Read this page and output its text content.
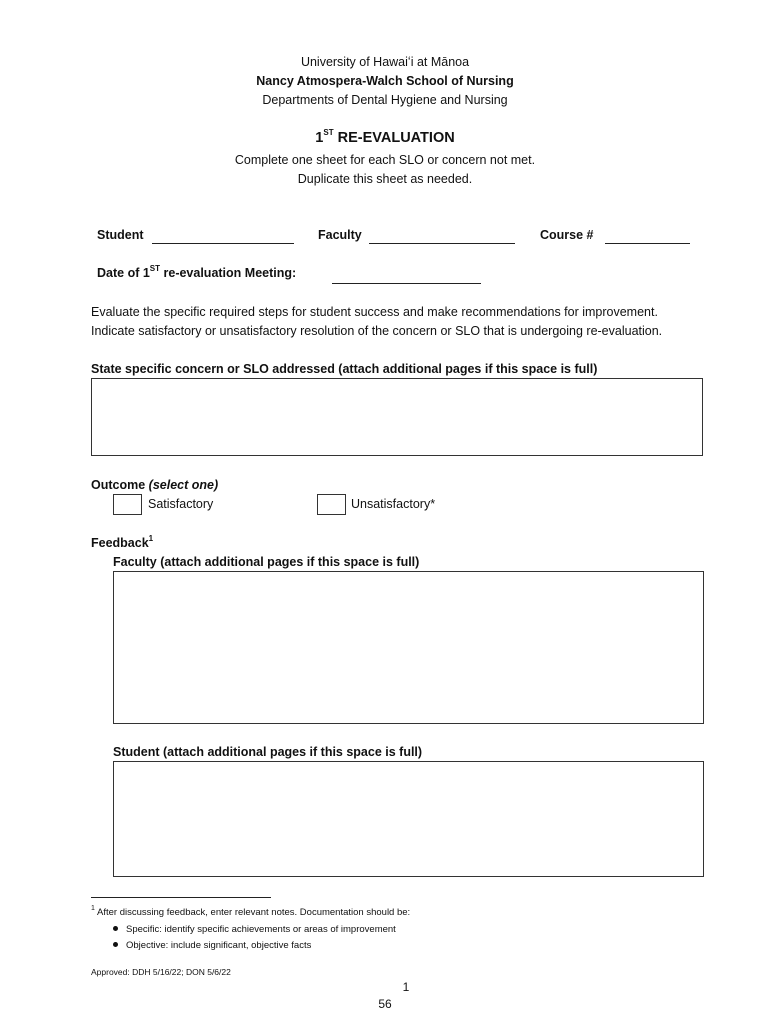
University of Hawaiʻi at Mānoa
Nancy Atmospera-Walch School of Nursing
Departments of Dental Hygiene and Nursing
1ST RE-EVALUATION
Complete one sheet for each SLO or concern not met.
Duplicate this sheet as needed.
Student	Faculty	Course #
Date of 1ST re-evaluation Meeting:
Evaluate the specific required steps for student success and make recommendations for improvement.
Indicate satisfactory or unsatisfactory resolution of the concern or SLO that is undergoing re-evaluation.
State specific concern or SLO addressed (attach additional pages if this space is full)
Outcome (select one)
Satisfactory	Unsatisfactory*
Feedback$^1$
Faculty (attach additional pages if this space is full)
Student (attach additional pages if this space is full)
$^1$ After discussing feedback, enter relevant notes. Documentation should be:
Specific: identify specific achievements or areas of improvement
Objective: include significant, objective facts
Approved: DDH 5/16/22; DON 5/6/22
1
56
